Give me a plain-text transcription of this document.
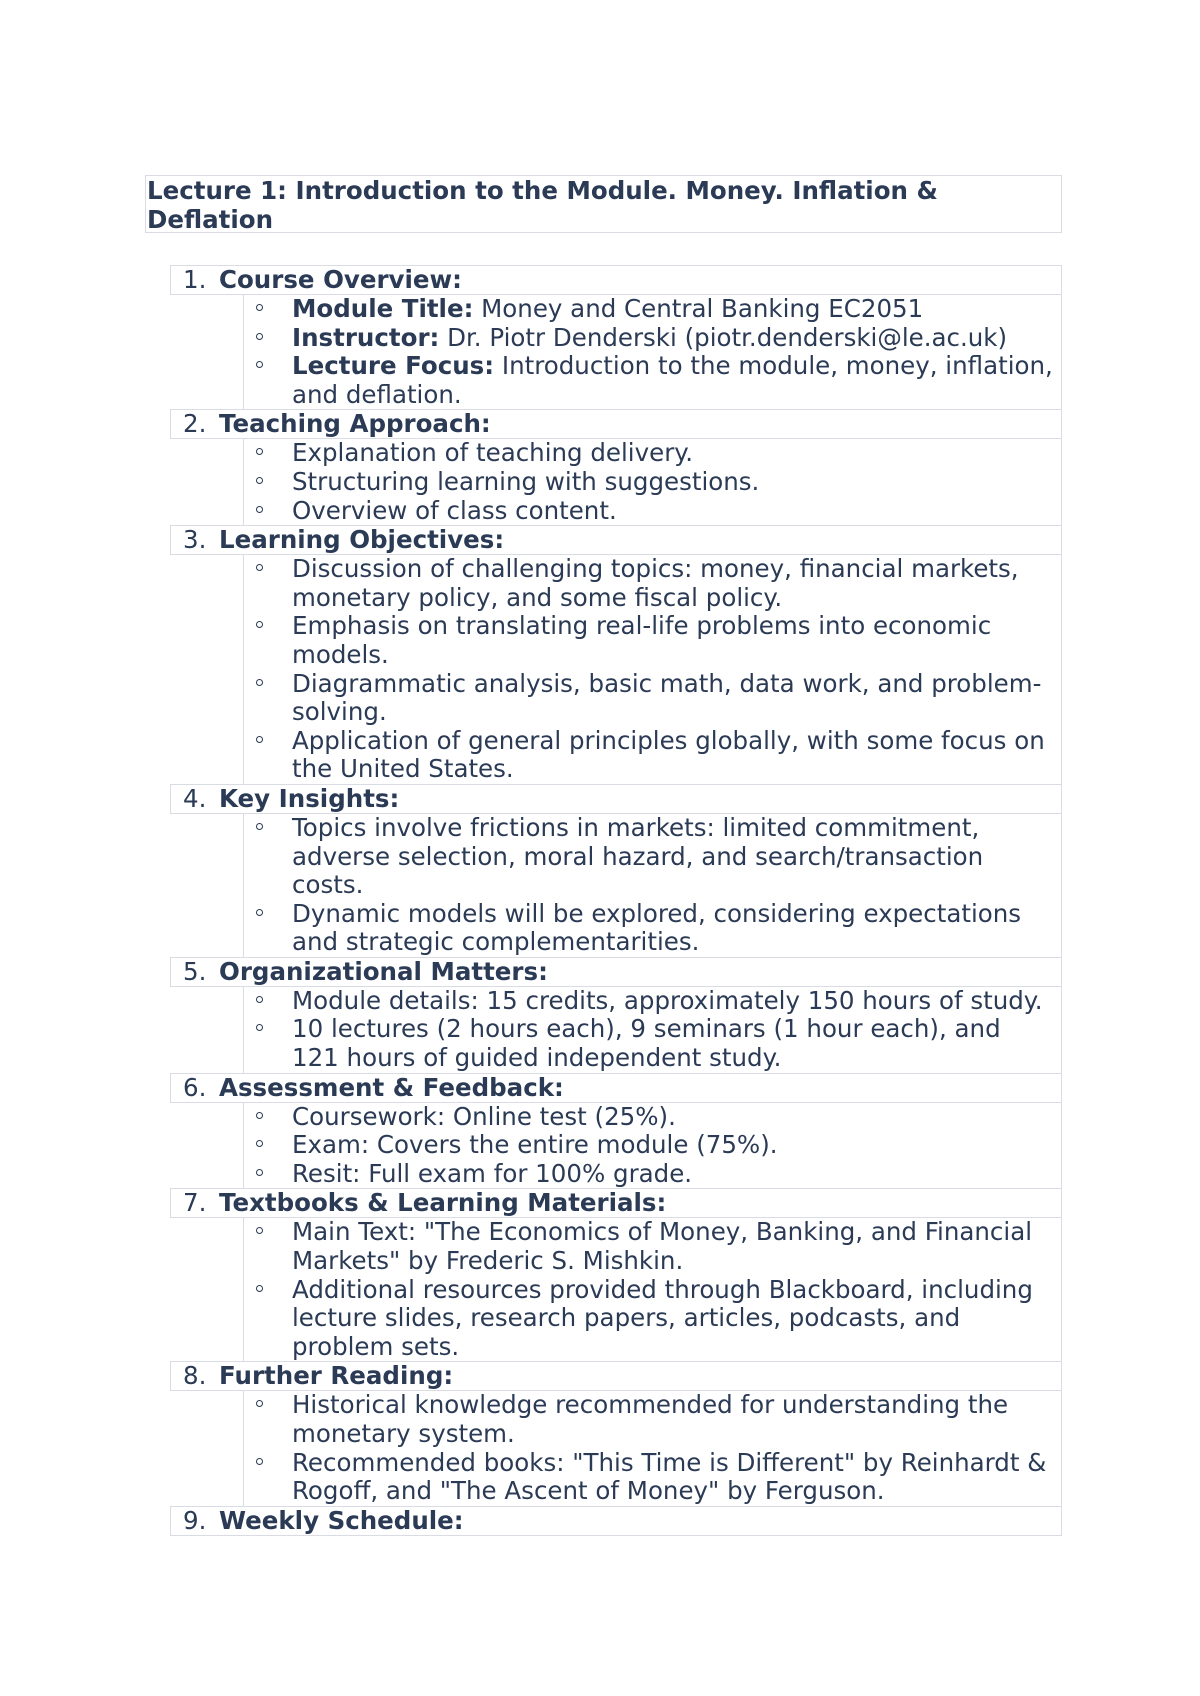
Lecture 1: Introduction to the Module. Money. Inflation & Deflation
1. Course Overview:
Module Title: Money and Central Banking EC2051
Instructor: Dr. Piotr Denderski (piotr.denderski@le.ac.uk)
Lecture Focus: Introduction to the module, money, inflation, and deflation.
2. Teaching Approach:
Explanation of teaching delivery.
Structuring learning with suggestions.
Overview of class content.
3. Learning Objectives:
Discussion of challenging topics: money, financial markets, monetary policy, and some fiscal policy.
Emphasis on translating real-life problems into economic models.
Diagrammatic analysis, basic math, data work, and problem-solving.
Application of general principles globally, with some focus on the United States.
4. Key Insights:
Topics involve frictions in markets: limited commitment, adverse selection, moral hazard, and search/transaction costs.
Dynamic models will be explored, considering expectations and strategic complementarities.
5. Organizational Matters:
Module details: 15 credits, approximately 150 hours of study.
10 lectures (2 hours each), 9 seminars (1 hour each), and 121 hours of guided independent study.
6. Assessment & Feedback:
Coursework: Online test (25%).
Exam: Covers the entire module (75%).
Resit: Full exam for 100% grade.
7. Textbooks & Learning Materials:
Main Text: "The Economics of Money, Banking, and Financial Markets" by Frederic S. Mishkin.
Additional resources provided through Blackboard, including lecture slides, research papers, articles, podcasts, and problem sets.
8. Further Reading:
Historical knowledge recommended for understanding the monetary system.
Recommended books: "This Time is Different" by Reinhardt & Rogoff, and "The Ascent of Money" by Ferguson.
9. Weekly Schedule:
